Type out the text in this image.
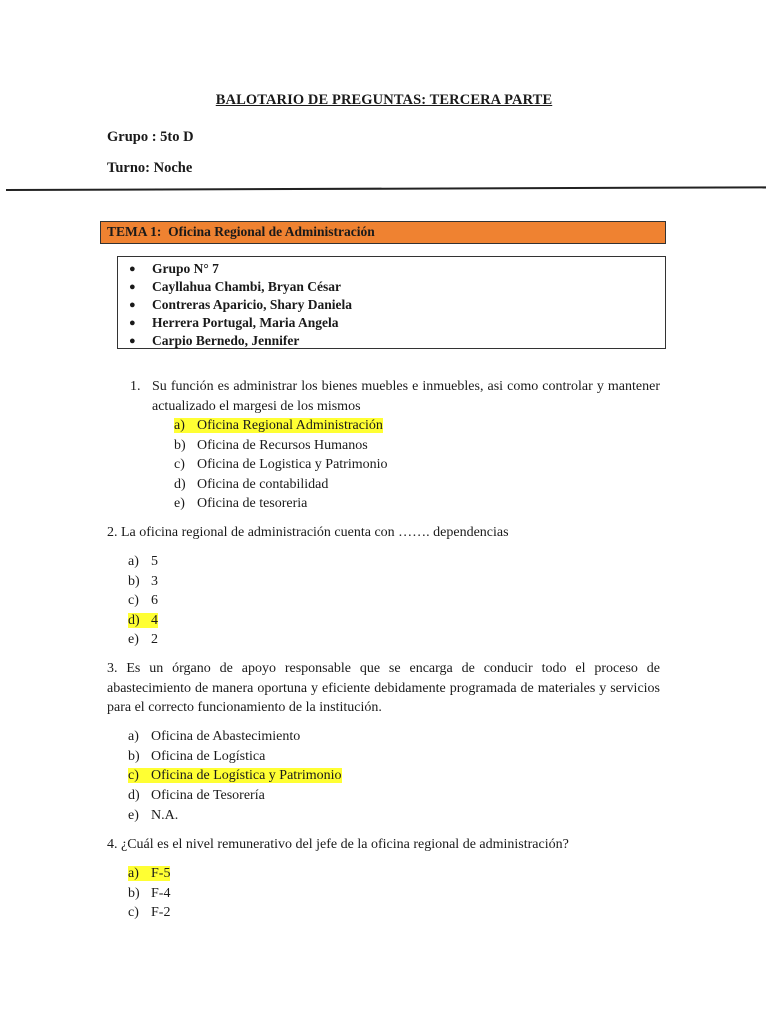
BALOTARIO DE PREGUNTAS: TERCERA PARTE
Grupo : 5to D
Turno: Noche
TEMA 1: Oficina Regional de Administración
● Grupo N° 7
● Cayllahua Chambi, Bryan César
● Contreras Aparicio, Shary Daniela
● Herrera Portugal, Maria Angela
● Carpio Bernedo, Jennifer
1. Su función es administrar los bienes muebles e inmuebles, asi como controlar y mantener actualizado el margesi de los mismos
a) Oficina Regional Administración
b) Oficina de Recursos Humanos
c) Oficina de Logistica y Patrimonio
d) Oficina de contabilidad
e) Oficina de tesoreria
2. La oficina regional de administración cuenta con ……. dependencias
a) 5
b) 3
c) 6
d) 4
e) 2
3. Es un órgano de apoyo responsable que se encarga de conducir todo el proceso de abastecimiento de manera oportuna y eficiente debidamente programada de materiales y servicios para el correcto funcionamiento de la institución.
a) Oficina de Abastecimiento
b) Oficina de Logística
c) Oficina de Logística y Patrimonio
d) Oficina de Tesorería
e) N.A.
4. ¿Cuál es el nivel remunerativo del jefe de la oficina regional de administración?
a) F-5
b) F-4
c) F-2
